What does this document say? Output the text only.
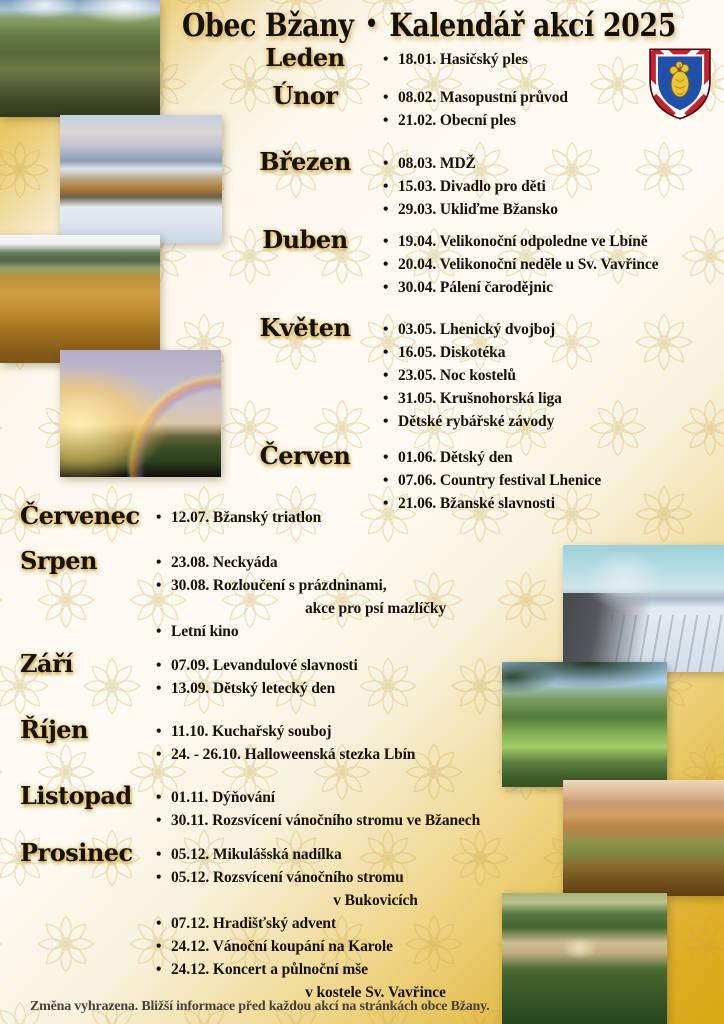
Obec Bžany • Kalendář akcí 2025
Leden	• 18.01. Hasičský ples
Únor	• 08.02. Masopustní průvod
• 21.02. Obecní ples
Březen	• 08.03. MDŽ
• 15.03. Divadlo pro děti
• 29.03. Ukliďme Bžansko
Duben	• 19.04. Velikonoční odpoledne ve Lbíně
• 20.04. Velikonoční neděle u Sv. Vavřince
• 30.04. Pálení čarodějnic
Květen	• 03.05. Lhenický dvojboj
• 16.05. Diskotéka
• 23.05. Noc kostelů
• 31.05. Krušnohorská liga
• Dětské rybářské závody
Červen	• 01.06. Dětský den
• 07.06. Country festival Lhenice
• 21.06. Bžanské slavnosti
Červenec	• 12.07. Bžanský triatlon
Srpen	• 23.08. Neckyáda
• 30.08. Rozloučení s prázdninami,
akce pro psí mazlíčky
• Letní kino
Září	• 07.09. Levandulové slavnosti
• 13.09. Dětský letecký den
Říjen	• 11.10. Kuchařský souboj
• 24. - 26.10. Halloweenská stezka Lbín
Listopad	• 01.11. Dýňování
• 30.11. Rozsvícení vánočního stromu ve Bžanech
Prosinec	• 05.12. Mikulášská nadílka
• 05.12. Rozsvícení vánočního stromu
v Bukovicích
• 07.12. Hradišťský advent
• 24.12. Vánoční koupání na Karole
• 24.12. Koncert a půlnoční mše
v kostele Sv. Vavřince
Změna vyhrazena. Bližší informace před každou akcí na stránkách obce Bžany.
